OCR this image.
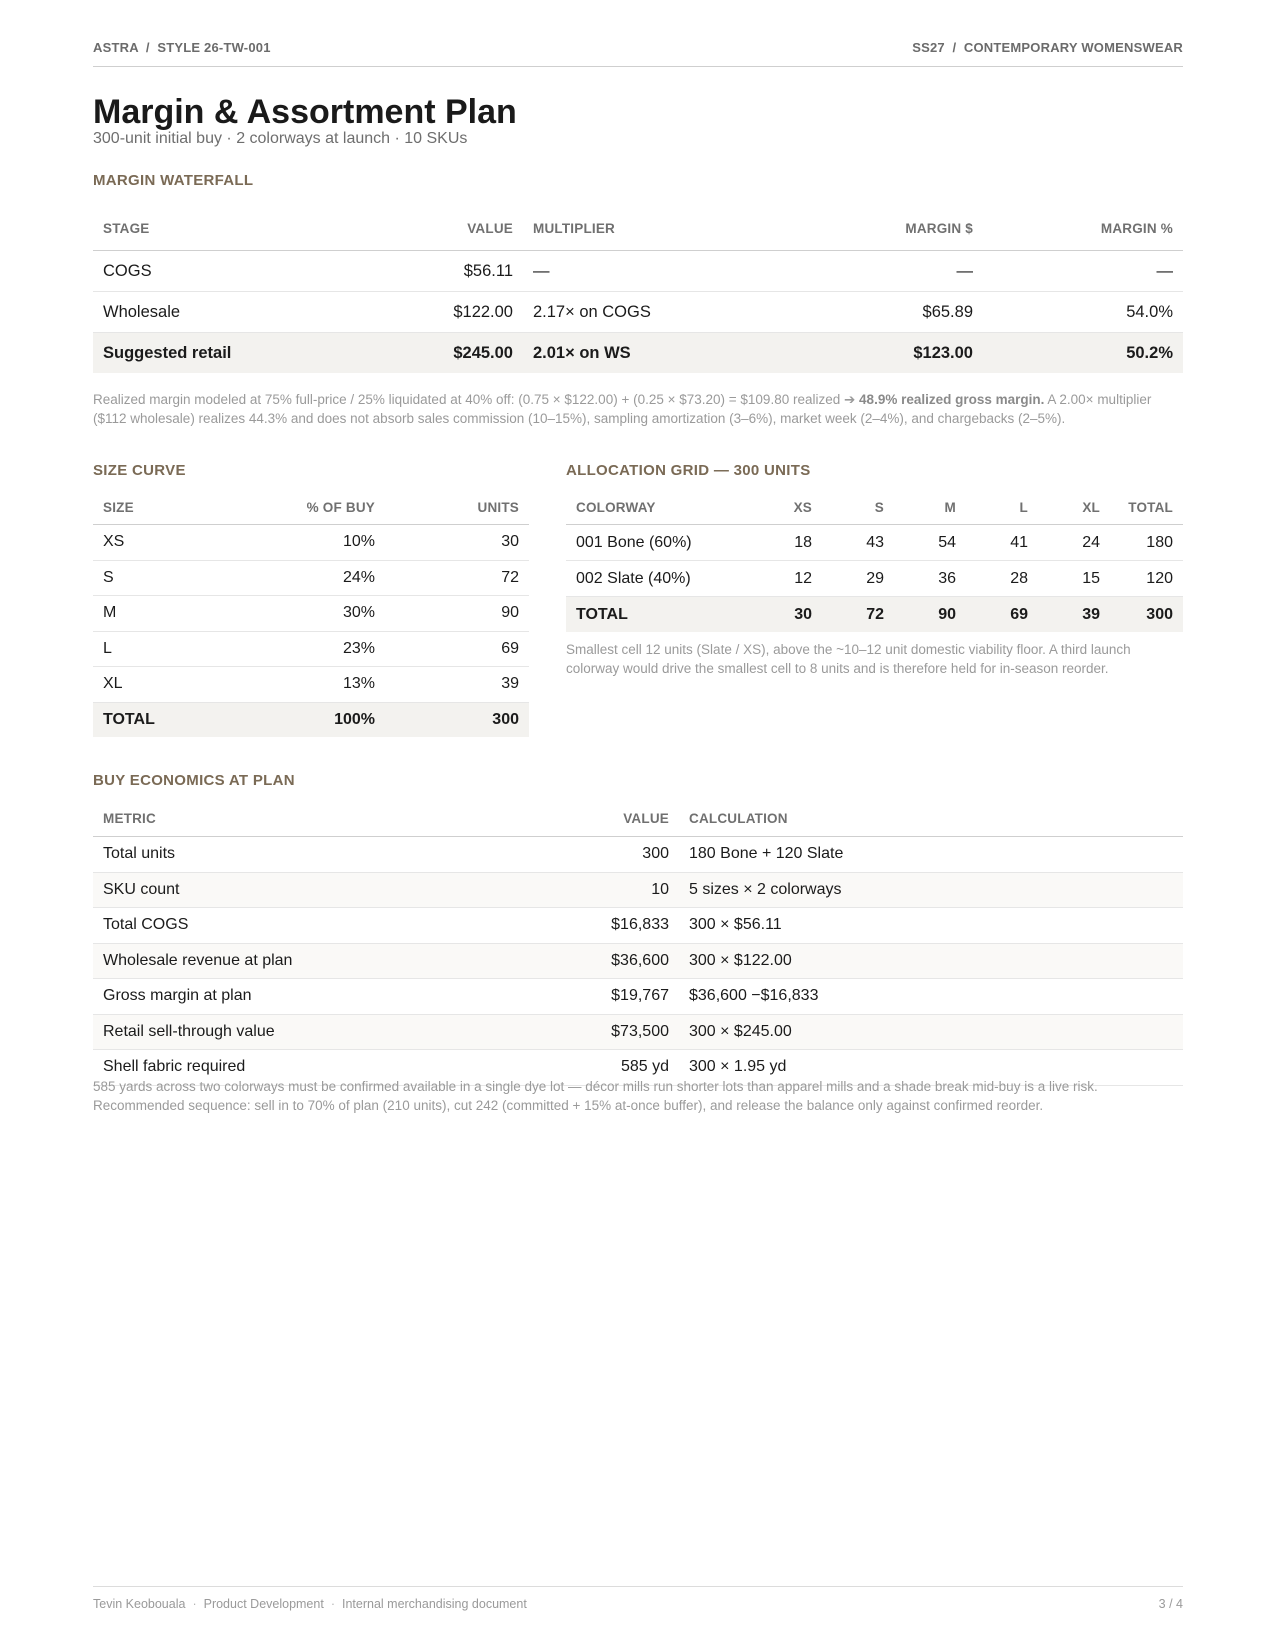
ASTRA  /  STYLE 26-TW-001	SS27  /  CONTEMPORARY WOMENSWEAR
Margin & Assortment Plan
300-unit initial buy · 2 colorways at launch · 10 SKUs
MARGIN WATERFALL
STAGE	VALUE	MULTIPLIER	MARGIN $	MARGIN %
COGS	$56.11	—	—	—
Wholesale	$122.00	2.17× on COGS	$65.89	54.0%
Suggested retail	$245.00	2.01× on WS	$123.00	50.2%
Realized margin modeled at 75% full-price / 25% liquidated at 40% off: (0.75 × $122.00) + (0.25 × $73.20) = $109.80 realized ➔ 48.9% realized gross margin. A 2.00× multiplier ($112 wholesale) realizes 44.3% and does not absorb sales commission (10–15%), sampling amortization (3–6%), market week (2–4%), and chargebacks (2–5%).
SIZE CURVE
SIZE	% OF BUY	UNITS
XS	10%	30
S	24%	72
M	30%	90
L	23%	69
XL	13%	39
TOTAL	100%	300
ALLOCATION GRID — 300 UNITS
COLORWAY	XS	S	M	L	XL	TOTAL
001 Bone (60%)	18	43	54	41	24	180
002 Slate (40%)	12	29	36	28	15	120
TOTAL	30	72	90	69	39	300
Smallest cell 12 units (Slate / XS), above the ~10–12 unit domestic viability floor. A third launch colorway would drive the smallest cell to 8 units and is therefore held for in-season reorder.
BUY ECONOMICS AT PLAN
METRIC	VALUE	CALCULATION
Total units	300	180 Bone + 120 Slate
SKU count	10	5 sizes × 2 colorways
Total COGS	$16,833	300 × $56.11
Wholesale revenue at plan	$36,600	300 × $122.00
Gross margin at plan	$19,767	$36,600 −$16,833
Retail sell-through value	$73,500	300 × $245.00
Shell fabric required	585 yd	300 × 1.95 yd
585 yards across two colorways must be confirmed available in a single dye lot — décor mills run shorter lots than apparel mills and a shade break mid-buy is a live risk. Recommended sequence: sell in to 70% of plan (210 units), cut 242 (committed + 15% at-once buffer), and release the balance only against confirmed reorder.
Tevin Keobouala · Product Development · Internal merchandising document	3 / 4
